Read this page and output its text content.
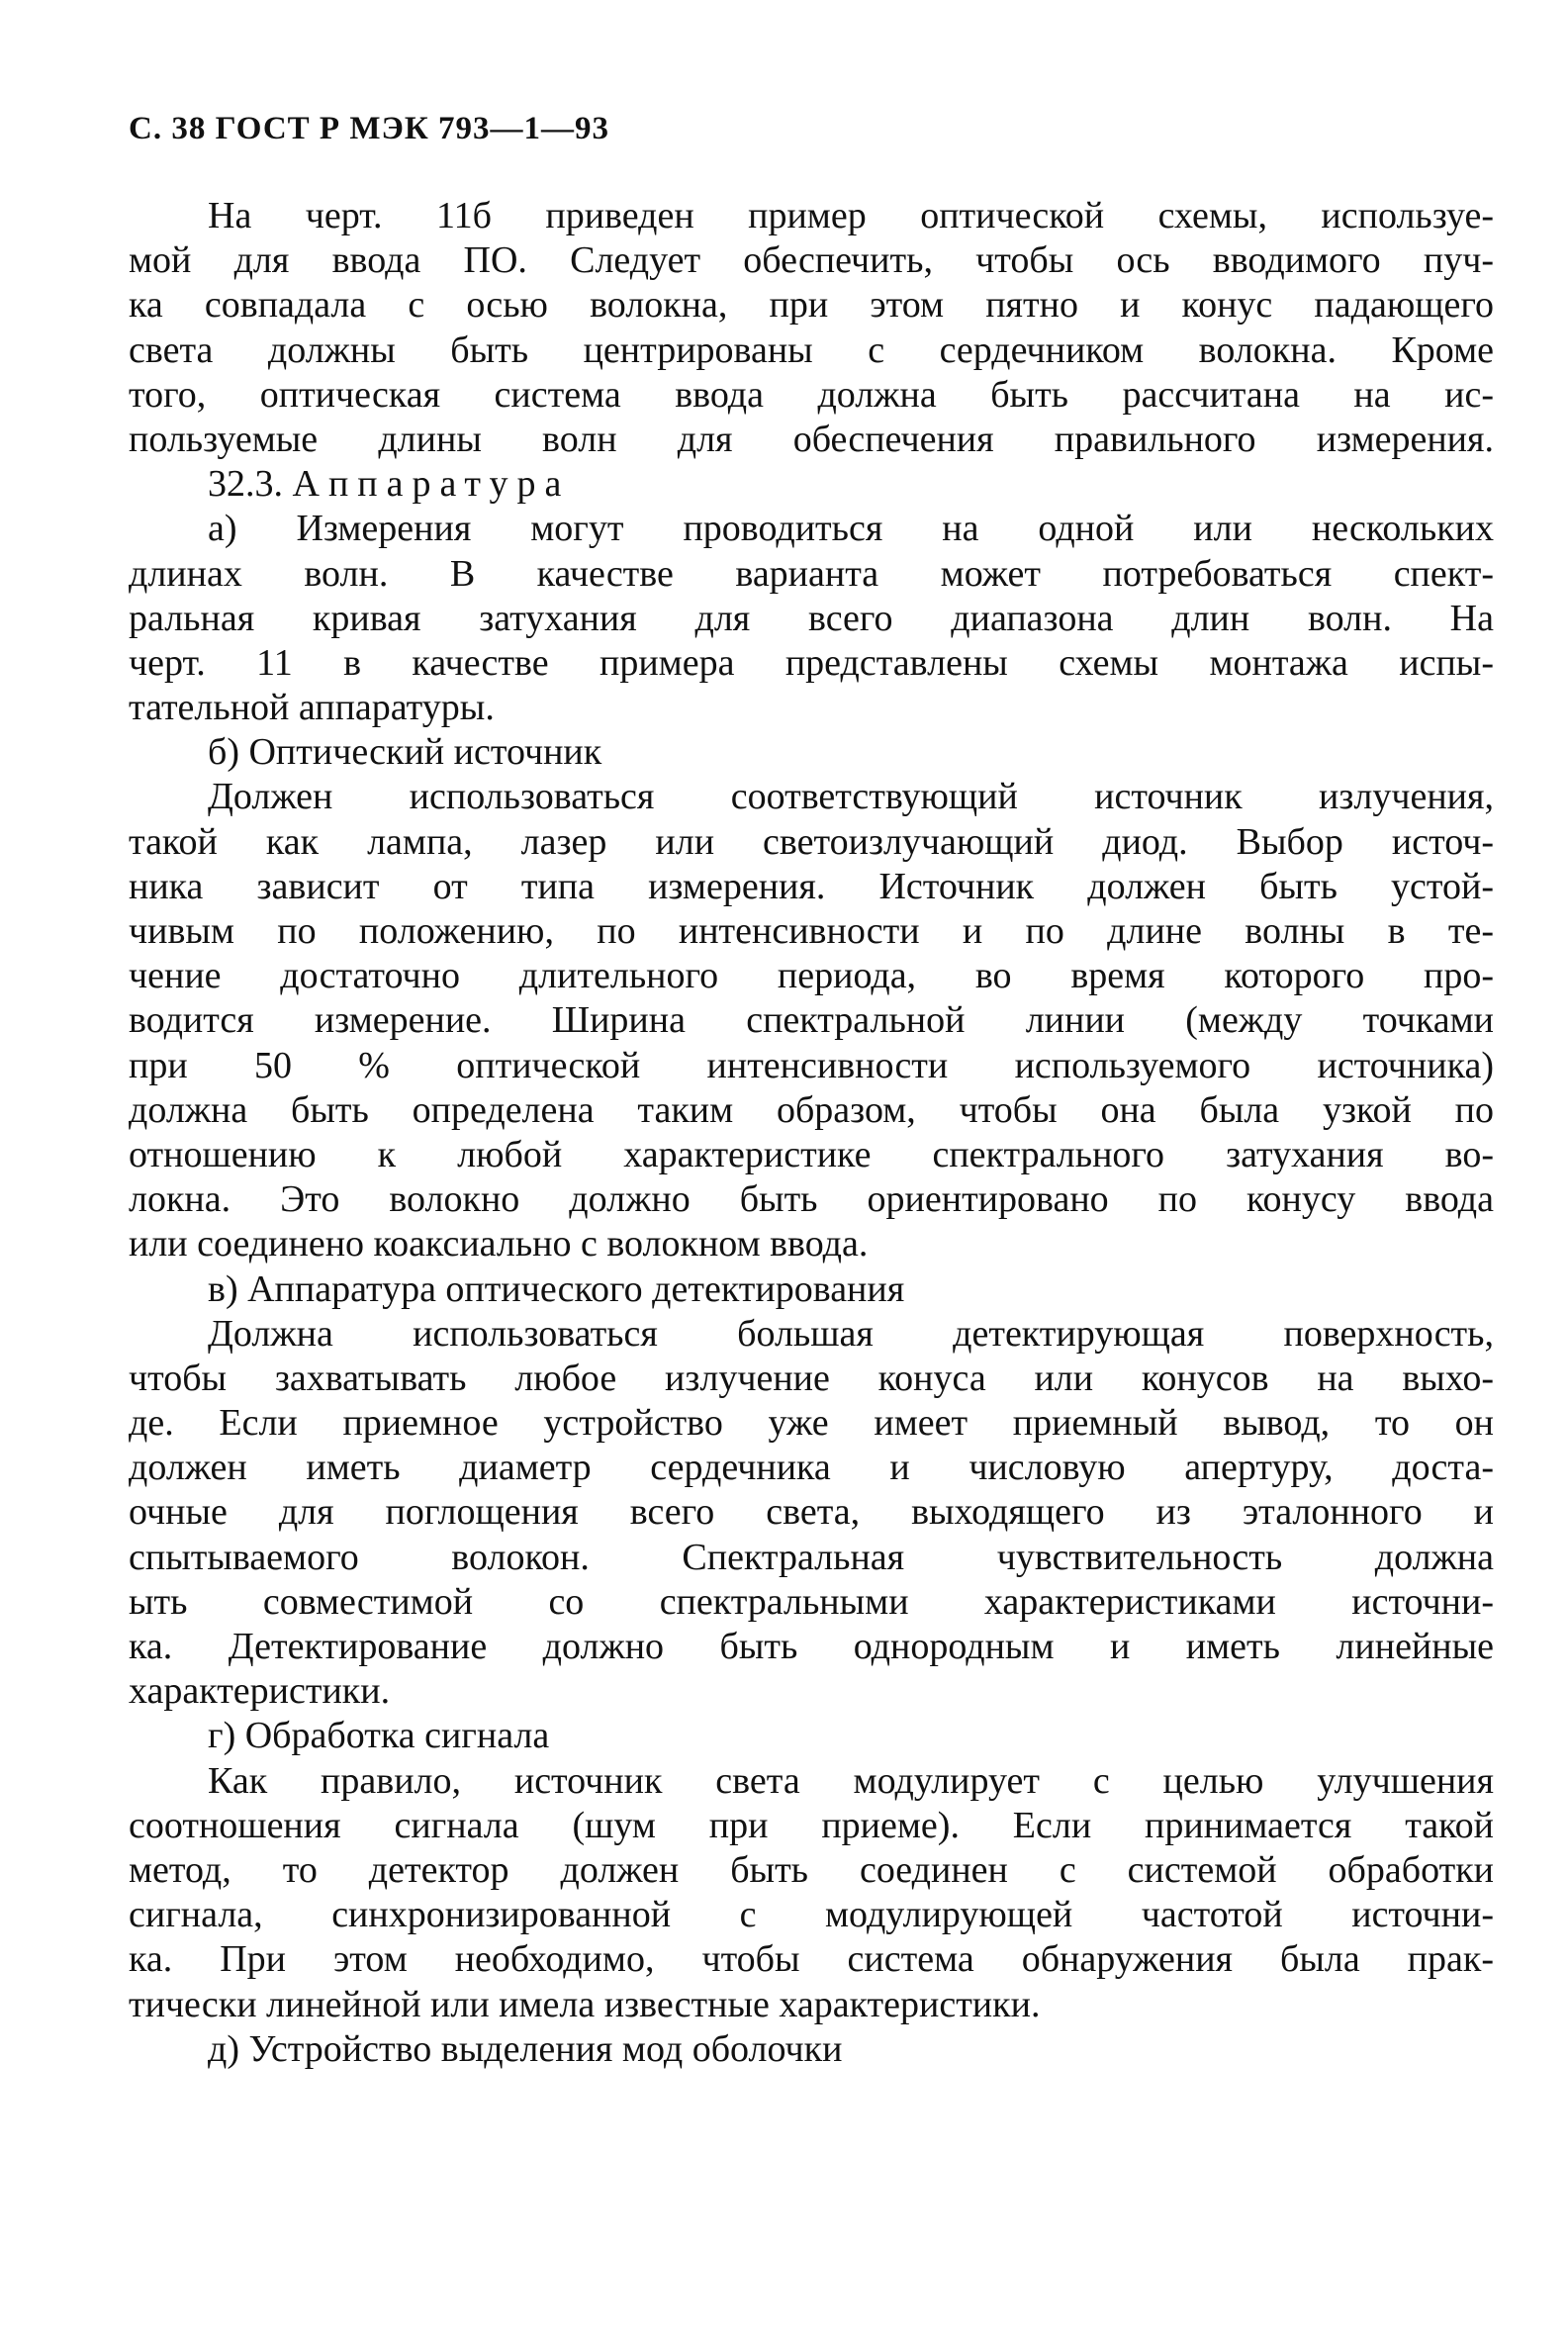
С. 38 ГОСТ Р МЭК 793—1—93
На черт. 11б приведен пример оптической схемы, используе-
мой для ввода ПО. Следует обеспечить, чтобы ось вводимого пуч-
ка совпадала с осью волокна, при этом пятно и конус падающего
света должны быть центрированы с сердечником волокна. Кроме
того, оптическая система ввода должна быть рассчитана на ис-
пользуемые длины волн для обеспечения правильного измерения.
32.3. Аппаратура
а) Измерения могут проводиться на одной или нескольких
длинах волн. В качестве варианта может потребоваться спект-
ральная кривая затухания для всего диапазона длин волн. На
черт. 11 в качестве примера представлены схемы монтажа испы-
тательной аппаратуры.
б) Оптический источник
Должен использоваться соответствующий источник излучения,
такой как лампа, лазер или светоизлучающий диод. Выбор источ-
ника зависит от типа измерения. Источник должен быть устой-
чивым по положению, по интенсивности и по длине волны в те-
чение достаточно длительного периода, во время которого про-
водится измерение. Ширина спектральной линии (между точками
при 50 % оптической интенсивности используемого источника)
должна быть определена таким образом, чтобы она была узкой по
отношению к любой характеристике спектрального затухания во-
локна. Это волокно должно быть ориентировано по конусу ввода
или соединено коаксиально с волокном ввода.
в) Аппаратура оптического детектирования
Должна использоваться большая детектирующая поверхность,
чтобы захватывать любое излучение конуса или конусов на выхо-
де. Если приемное устройство уже имеет приемный вывод, то он
должен иметь диаметр сердечника и числовую апертуру, доста-
очные для поглощения всего света, выходящего из эталонного и
спытываемого волокон. Спектральная чувствительность должна
ыть совместимой со спектральными характеристиками источни-
ка. Детектирование должно быть однородным и иметь линейные
характеристики.
г) Обработка сигнала
Как правило, источник света модулирует с целью улучшения
соотношения сигнала (шум при приеме). Если принимается такой
метод, то детектор должен быть соединен с системой обработки
сигнала, синхронизированной с модулирующей частотой источни-
ка. При этом необходимо, чтобы система обнаружения была прак-
тически линейной или имела известные характеристики.
д) Устройство выделения мод оболочки
